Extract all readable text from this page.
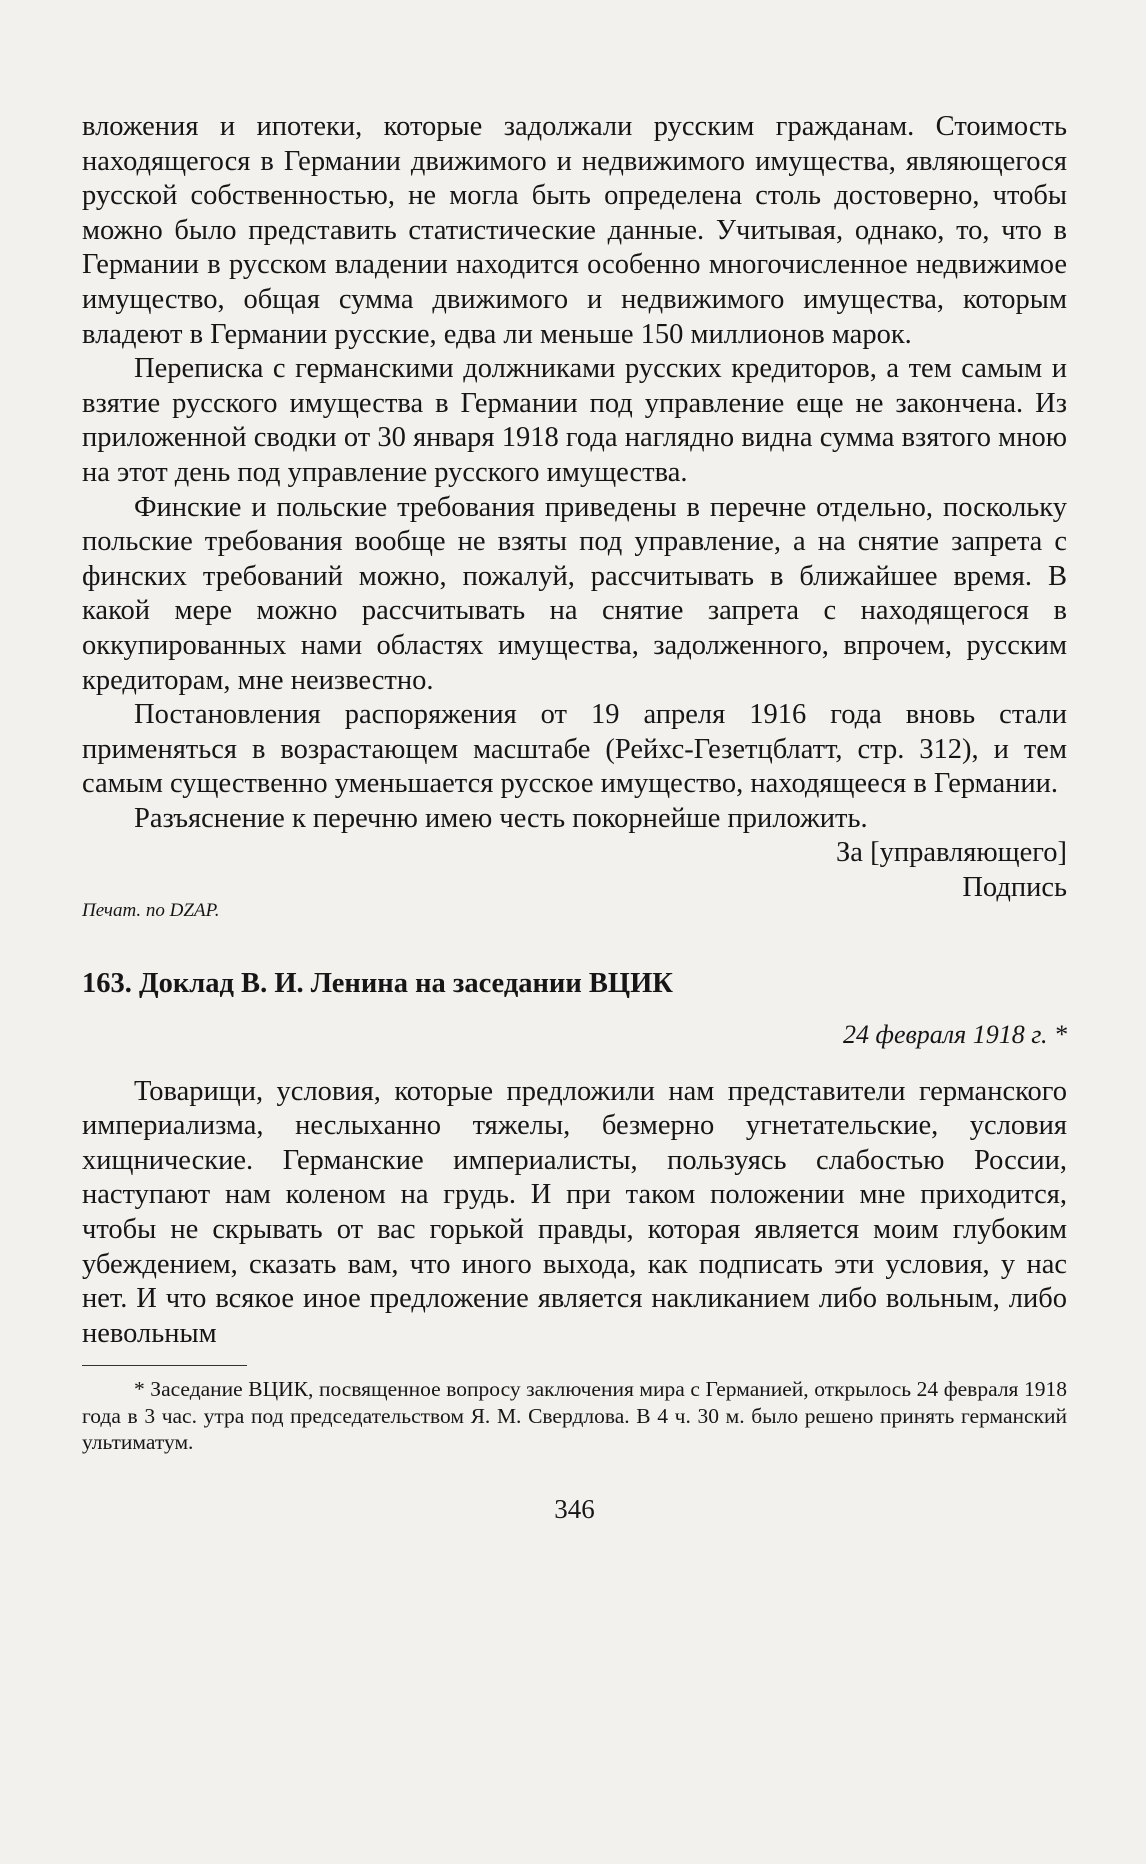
вложения и ипотеки, которые задолжали русским гражданам. Стоимость находящегося в Германии движимого и недвижимого имущества, являющегося русской собственностью, не могла быть определена столь достоверно, чтобы можно было представить статистические данные. Учитывая, однако, то, что в Германии в русском владении находится особенно многочисленное недвижимое имущество, общая сумма движимого и недвижимого имущества, которым владеют в Германии русские, едва ли меньше 150 миллионов марок.

Переписка с германскими должниками русских кредиторов, а тем самым и взятие русского имущества в Германии под управление еще не закончена. Из приложенной сводки от 30 января 1918 года наглядно видна сумма взятого мною на этот день под управление русского имущества.

Финские и польские требования приведены в перечне отдельно, поскольку польские требования вообще не взяты под управление, а на снятие запрета с финских требований можно, пожалуй, рассчитывать в ближайшее время. В какой мере можно рассчитывать на снятие запрета с находящегося в оккупированных нами областях имущества, задолженного, впрочем, русским кредиторам, мне неизвестно.

Постановления распоряжения от 19 апреля 1916 года вновь стали применяться в возрастающем масштабе (Рейхс-Гезетцблатт, стр. 312), и тем самым существенно уменьшается русское имущество, находящееся в Германии.

Разъяснение к перечню имею честь покорнейше приложить.

За [управляющего]

Подпись

Печат. по DZAP.

163. Доклад В. И. Ленина на заседании ВЦИК

24 февраля 1918 г. *

Товарищи, условия, которые предложили нам представители германского империализма, неслыханно тяжелы, безмерно угнетательские, условия хищнические. Германские империалисты, пользуясь слабостью России, наступают нам коленом на грудь. И при таком положении мне приходится, чтобы не скрывать от вас горькой правды, которая является моим глубоким убеждением, сказать вам, что иного выхода, как подписать эти условия, у нас нет. И что всякое иное предложение является накликанием либо вольным, либо невольным

* Заседание ВЦИК, посвященное вопросу заключения мира с Германией, открылось 24 февраля 1918 года в 3 час. утра под председательством Я. М. Свердлова. В 4 ч. 30 м. было решено принять германский ультиматум.

346
